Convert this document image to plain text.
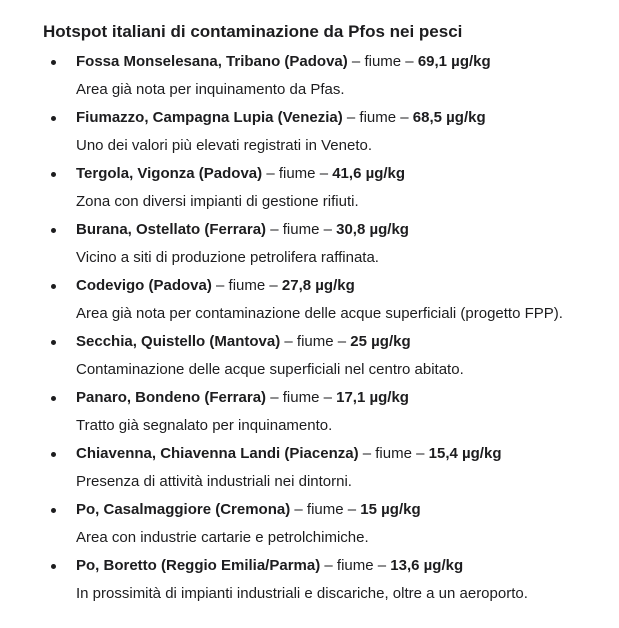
Hotspot italiani di contaminazione da Pfos nei pesci
Fossa Monselesana, Tribano (Padova) – fiume – 69,1 µg/kg
Area già nota per inquinamento da Pfas.
Fiumazzo, Campagna Lupia (Venezia) – fiume – 68,5 µg/kg
Uno dei valori più elevati registrati in Veneto.
Tergola, Vigonza (Padova) – fiume – 41,6 µg/kg
Zona con diversi impianti di gestione rifiuti.
Burana, Ostellato (Ferrara) – fiume – 30,8 µg/kg
Vicino a siti di produzione petrolifera raffinata.
Codevigo (Padova) – fiume – 27,8 µg/kg
Area già nota per contaminazione delle acque superficiali (progetto FPP).
Secchia, Quistello (Mantova) – fiume – 25 µg/kg
Contaminazione delle acque superficiali nel centro abitato.
Panaro, Bondeno (Ferrara) – fiume – 17,1 µg/kg
Tratto già segnalato per inquinamento.
Chiavenna, Chiavenna Landi (Piacenza) – fiume – 15,4 µg/kg
Presenza di attività industriali nei dintorni.
Po, Casalmaggiore (Cremona) – fiume – 15 µg/kg
Area con industrie cartarie e petrolchimiche.
Po, Boretto (Reggio Emilia/Parma) – fiume – 13,6 µg/kg
In prossimità di impianti industriali e discariche, oltre a un aeroporto.
